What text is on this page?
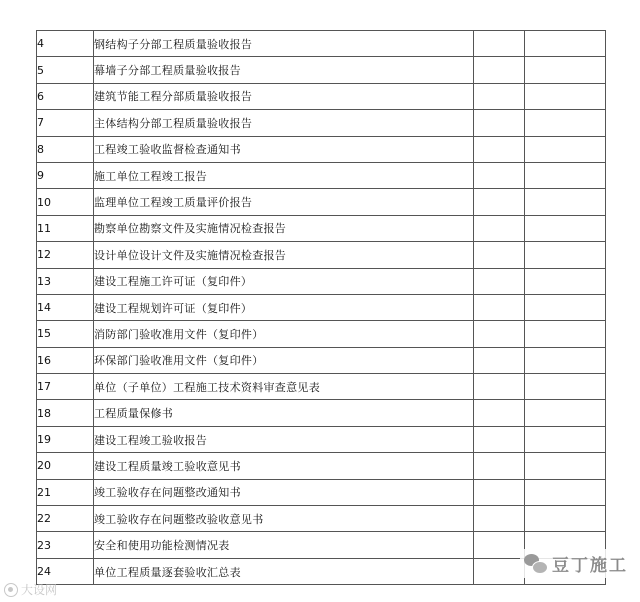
4	钢结构子分部工程质量验收报告		
5	幕墙子分部工程质量验收报告		
6	建筑节能工程分部质量验收报告		
7	主体结构分部工程质量验收报告		
8	工程竣工验收监督检查通知书		
9	施工单位工程竣工报告		
10	监理单位工程竣工质量评价报告		
11	勘察单位勘察文件及实施情况检查报告		
12	设计单位设计文件及实施情况检查报告		
13	建设工程施工许可证（复印件）		
14	建设工程规划许可证（复印件）		
15	消防部门验收准用文件（复印件）		
16	环保部门验收准用文件（复印件）		
17	单位（子单位）工程施工技术资料审查意见表		
18	工程质量保修书		
19	建设工程竣工验收报告		
20	建设工程质量竣工验收意见书		
21	竣工验收存在问题整改通知书		
22	竣工验收存在问题整改验收意见书		
23	安全和使用功能检测情况表		
24	单位工程质量逐套验收汇总表		
大设网
豆丁施工
